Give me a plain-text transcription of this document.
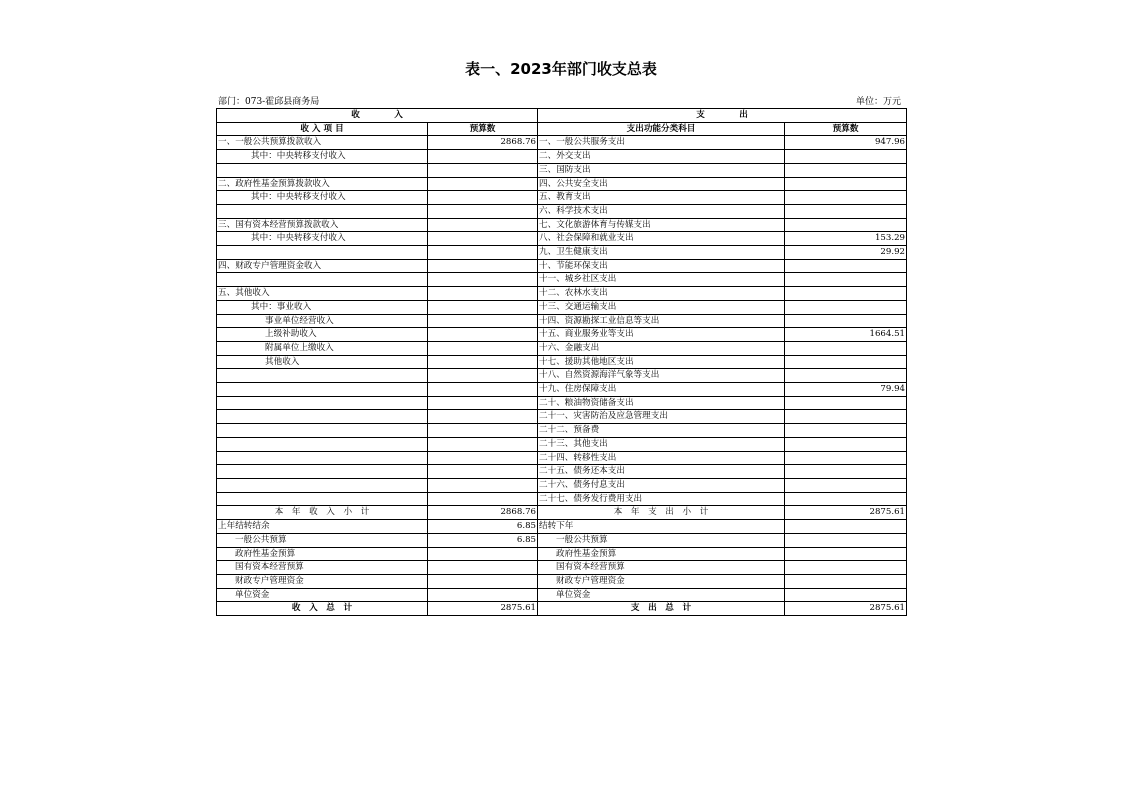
表一、2023年部门收支总表
部门：073-霍邱县商务局	单位：万元
收　　　　入		支　　　　出	
收 入 项 目	预算数	支出功能分类科目	预算数
一、一般公共预算拨款收入	2868.76	一、一般公共服务支出	947.96
其中：中央转移支付收入		二、外交支出	
		三、国防支出	
二、政府性基金预算拨款收入		四、公共安全支出	
其中：中央转移支付收入		五、教育支出	
		六、科学技术支出	
三、国有资本经营预算拨款收入		七、文化旅游体育与传媒支出	
其中：中央转移支付收入		八、社会保障和就业支出	153.29
		九、卫生健康支出	29.92
四、财政专户管理资金收入		十、节能环保支出	
		十一、城乡社区支出	
五、其他收入		十二、农林水支出	
其中：事业收入		十三、交通运输支出	
事业单位经营收入		十四、资源勘探工业信息等支出	
上级补助收入		十五、商业服务业等支出	1664.51
附属单位上缴收入		十六、金融支出	
其他收入		十七、援助其他地区支出	
		十八、自然资源海洋气象等支出	
		十九、住房保障支出	79.94
		二十、粮油物资储备支出	
		二十一、灾害防治及应急管理支出	
		二十二、预备费	
		二十三、其他支出	
		二十四、转移性支出	
		二十五、债务还本支出	
		二十六、债务付息支出	
		二十七、债务发行费用支出	
本　年　收　入　小　计	2868.76	本　年　支　出　小　计	2875.61
上年结转结余	6.85	结转下年	
一般公共预算	6.85	一般公共预算	
政府性基金预算		政府性基金预算	
国有资本经营预算		国有资本经营预算	
财政专户管理资金		财政专户管理资金	
单位资金		单位资金	
收　入　总　计	2875.61	支　出　总　计	2875.61
